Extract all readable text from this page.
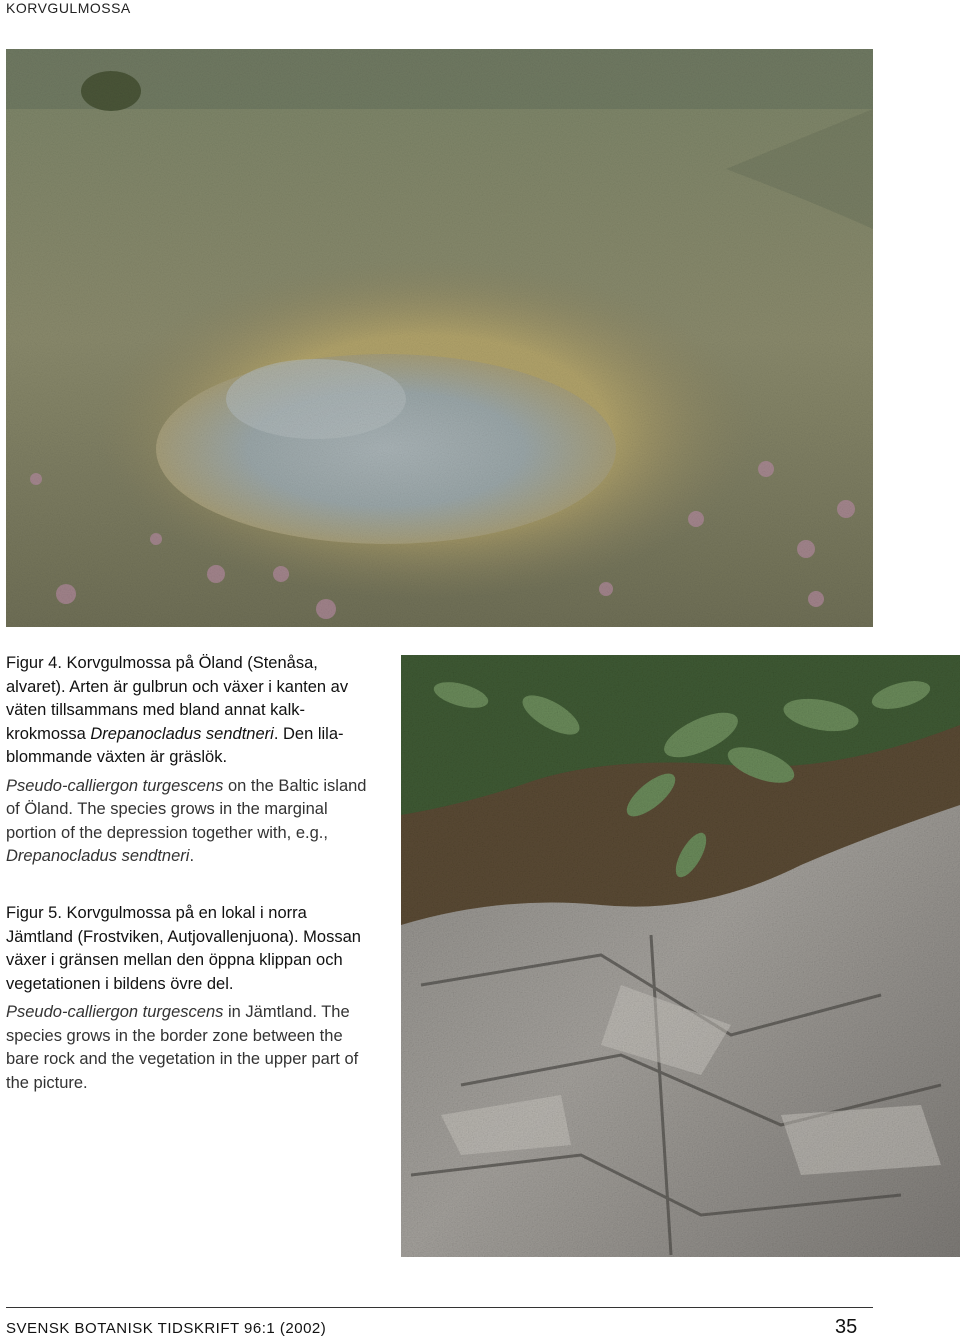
KORVGULMOSSA

Figur 4. Korvgulmossa på Öland (Stenåsa, alvaret). Arten är gulbrun och växer i kanten av väten tillsammans med bland annat kalk-krokmossa Drepanocladus sendtneri. Den lila-blommande växten är gräslök.

Pseudo-calliergon turgescens on the Baltic island of Öland. The species grows in the marginal portion of the depression together with, e.g., Drepanocladus sendtneri.

Figur 5. Korvgulmossa på en lokal i norra Jämtland (Frostviken, Autjovallenjuona). Mossan växer i gränsen mellan den öppna klippan och vegetationen i bildens övre del.

Pseudo-calliergon turgescens in Jämtland. The species grows in the border zone between the bare rock and the vegetation in the upper part of the picture.

SVENSK BOTANISK TIDSKRIFT 96:1 (2002)	35
